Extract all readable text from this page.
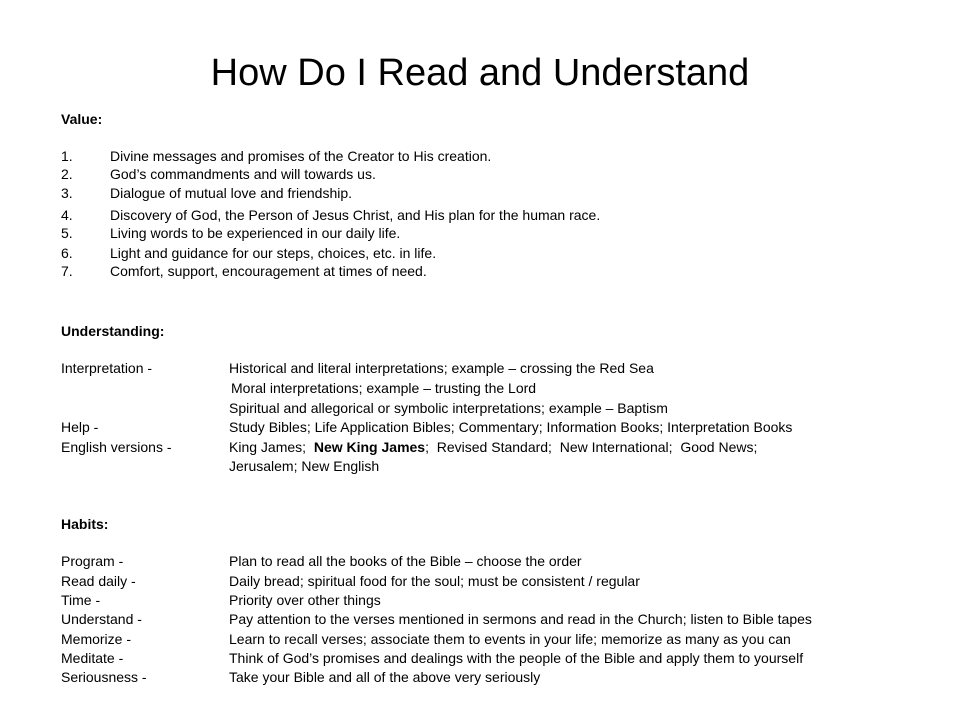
How Do I Read and Understand
Value:
1.	Divine messages and promises of the Creator to His creation.
2.	God’s commandments and will towards us.
3.	Dialogue of mutual love and friendship.
4.	Discovery of God, the Person of Jesus Christ, and His plan for the human race.
5.	Living words to be experienced in our daily life.
6.	Light and guidance for our steps, choices, etc. in life.
7.	Comfort, support, encouragement at times of need.
Understanding:
Interpretation -	Historical and literal interpretations; example – crossing the Red Sea
Moral interpretations; example – trusting the Lord
Spiritual and allegorical or symbolic interpretations; example – Baptism
Help -	Study Bibles; Life Application Bibles; Commentary; Information Books; Interpretation Books
English versions -	King James;  New King James;  Revised Standard;  New International;  Good News;
Jerusalem; New English
Habits:
Program -	Plan to read all the books of the Bible – choose the order
Read daily -	Daily bread; spiritual food for the soul; must be consistent / regular
Time -	Priority over other things
Understand -	Pay attention to the verses mentioned in sermons and read in the Church; listen to Bible tapes
Memorize -	Learn to recall verses; associate them to events in your life; memorize as many as you can
Meditate -	Think of God’s promises and dealings with the people of the Bible and apply them to yourself
Seriousness -	Take your Bible and all of the above very seriously
